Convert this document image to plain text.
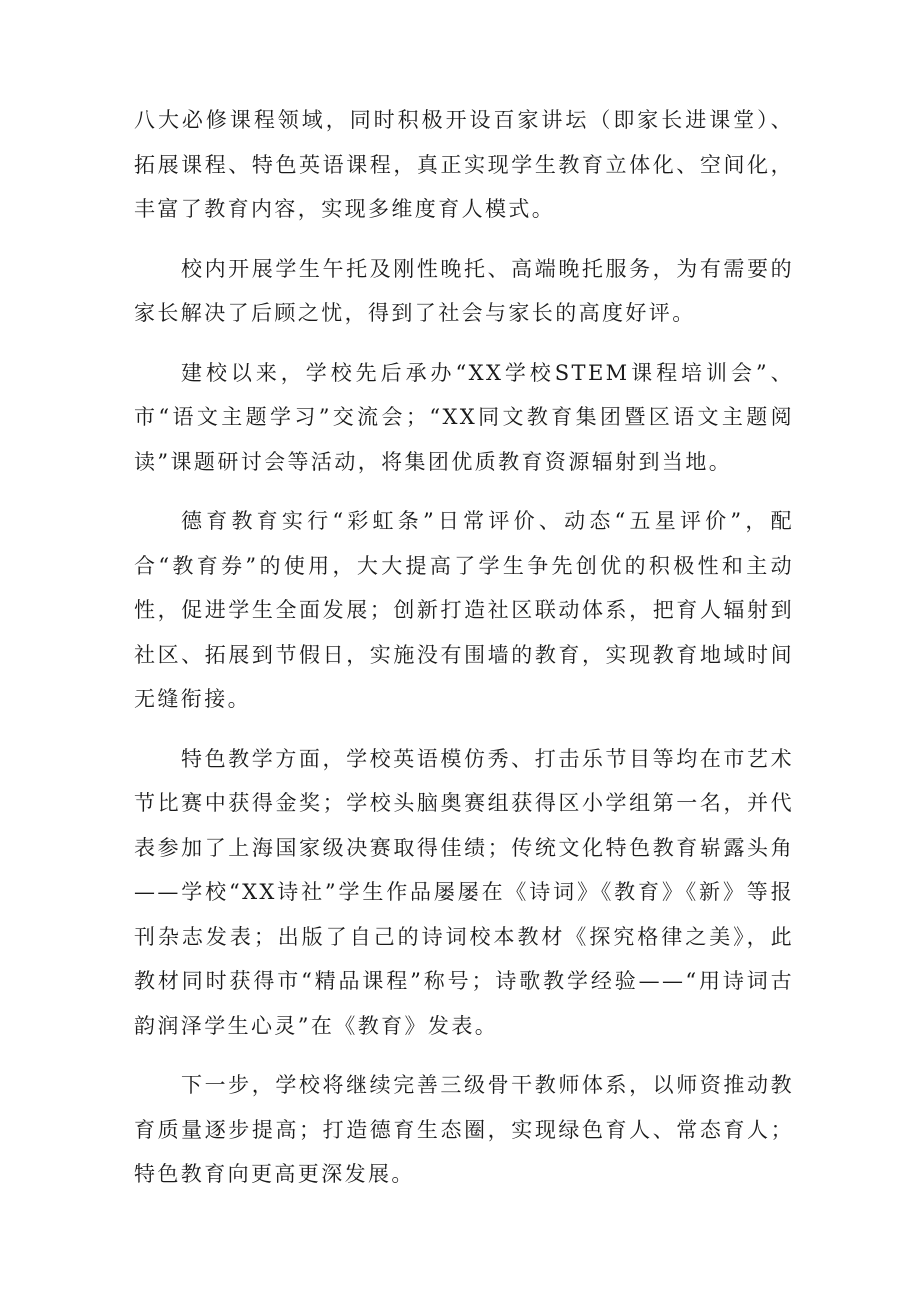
八大必修课程领域，同时积极开设百家讲坛（即家长进课堂）、拓展课程、特色英语课程，真正实现学生教育立体化、空间化，丰富了教育内容，实现多维度育人模式。

校内开展学生午托及刚性晚托、高端晚托服务，为有需要的家长解决了后顾之忧，得到了社会与家长的高度好评。

建校以来，学校先后承办“XX学校STEM课程培训会”、市“语文主题学习”交流会；“XX同文教育集团暨区语文主题阅读”课题研讨会等活动，将集团优质教育资源辐射到当地。

德育教育实行“彩虹条”日常评价、动态“五星评价”，配合“教育券”的使用，大大提高了学生争先创优的积极性和主动性，促进学生全面发展；创新打造社区联动体系，把育人辐射到社区、拓展到节假日，实施没有围墙的教育，实现教育地域时间无缝衔接。

特色教学方面，学校英语模仿秀、打击乐节目等均在市艺术节比赛中获得金奖；学校头脑奥赛组获得区小学组第一名，并代表参加了上海国家级决赛取得佳绩；传统文化特色教育崭露头角——学校“XX诗社”学生作品屡屡在《诗词》《教育》《新》等报刊杂志发表；出版了自己的诗词校本教材《探究格律之美》，此教材同时获得市“精品课程”称号；诗歌教学经验——“用诗词古韵润泽学生心灵”在《教育》发表。

下一步，学校将继续完善三级骨干教师体系，以师资推动教育质量逐步提高；打造德育生态圈，实现绿色育人、常态育人；特色教育向更高更深发展。
